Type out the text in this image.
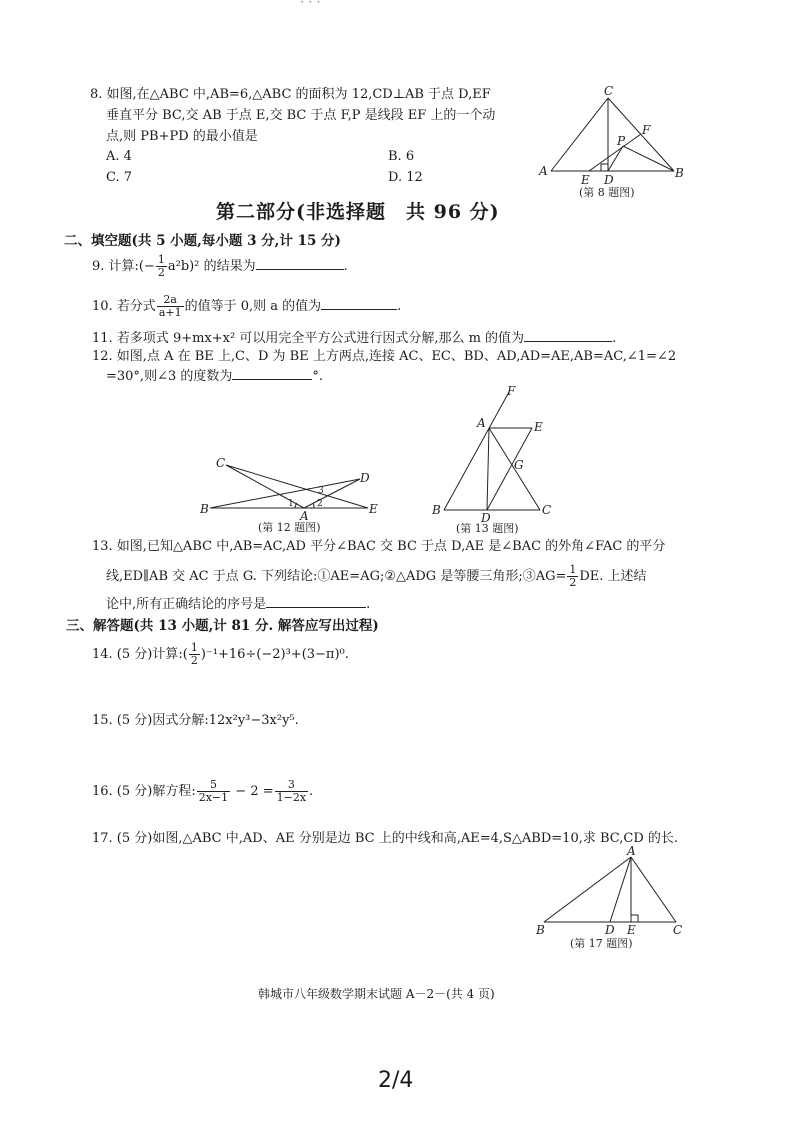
· · ·
8. 如图,在△ABC 中,AB=6,△ABC 的面积为 12,CD⊥AB 于点 D,EF
垂直平分 BC,交 AB 于点 E,交 BC 于点 F,P 是线段 EF 上的一个动
点,则 PB+PD 的最小值是
A. 4	B. 6
C. 7	D. 12
C
F
P
A
E D	B
(第 8 题图)
第二部分(非选择题　共 96 分)
二、填空题(共 5 小题,每小题 3 分,计 15 分)
9. 计算:(− $\frac{1}{2} a^2b)^2$ 的结果为	.
10. 若分式 $\frac{2a}{a+1}$ 的值等于 0,则 a 的值为	.
11. 若多项式 9+mx+x² 可以用完全平方公式进行因式分解,那么 m 的值为	.
12. 如图,点 A 在 BE 上,C、D 为 BE 上方两点,连接 AC、EC、BD、AD,AD=AE,AB=AC,∠1=∠2
=30°,则∠3 的度数为	°.
C
D
B	E
A
1	2
3
(第 12 题图)
F
A	E
G
B
D
C
(第 13 题图)
13. 如图,已知△ABC 中,AB=AC,AD 平分∠BAC 交 BC 于点 D,AE 是∠BAC 的外角∠FAC 的平分
线,ED∥AB 交 AC 于点 G. 下列结论:①AE=AG;②△ADG 是等腰三角形;③AG= $\frac{1}{2}$ DE. 上述结
论中,所有正确结论的序号是	.
三、解答题(共 13 小题,计 81 分. 解答应写出过程)
14. (5 分)计算:( $\frac{1}{2} )^{-1}+16\div(-2)^3+(3-\pi)^0$.
15. (5 分)因式分解:12x²y³−3x²y⁵.
16. (5 分)解方程: $\frac{5}{2x-1} - 2 = \frac{3}{1-2x}$ .
17. (5 分)如图,△ABC 中,AD、AE 分别是边 BC 上的中线和高,AE=4,S△ABD=10,求 BC,CD 的长.
A
B	D E	C
(第 17 题图)
韩城市八年级数学期末试题 A－2－(共 4 页)
2/4
